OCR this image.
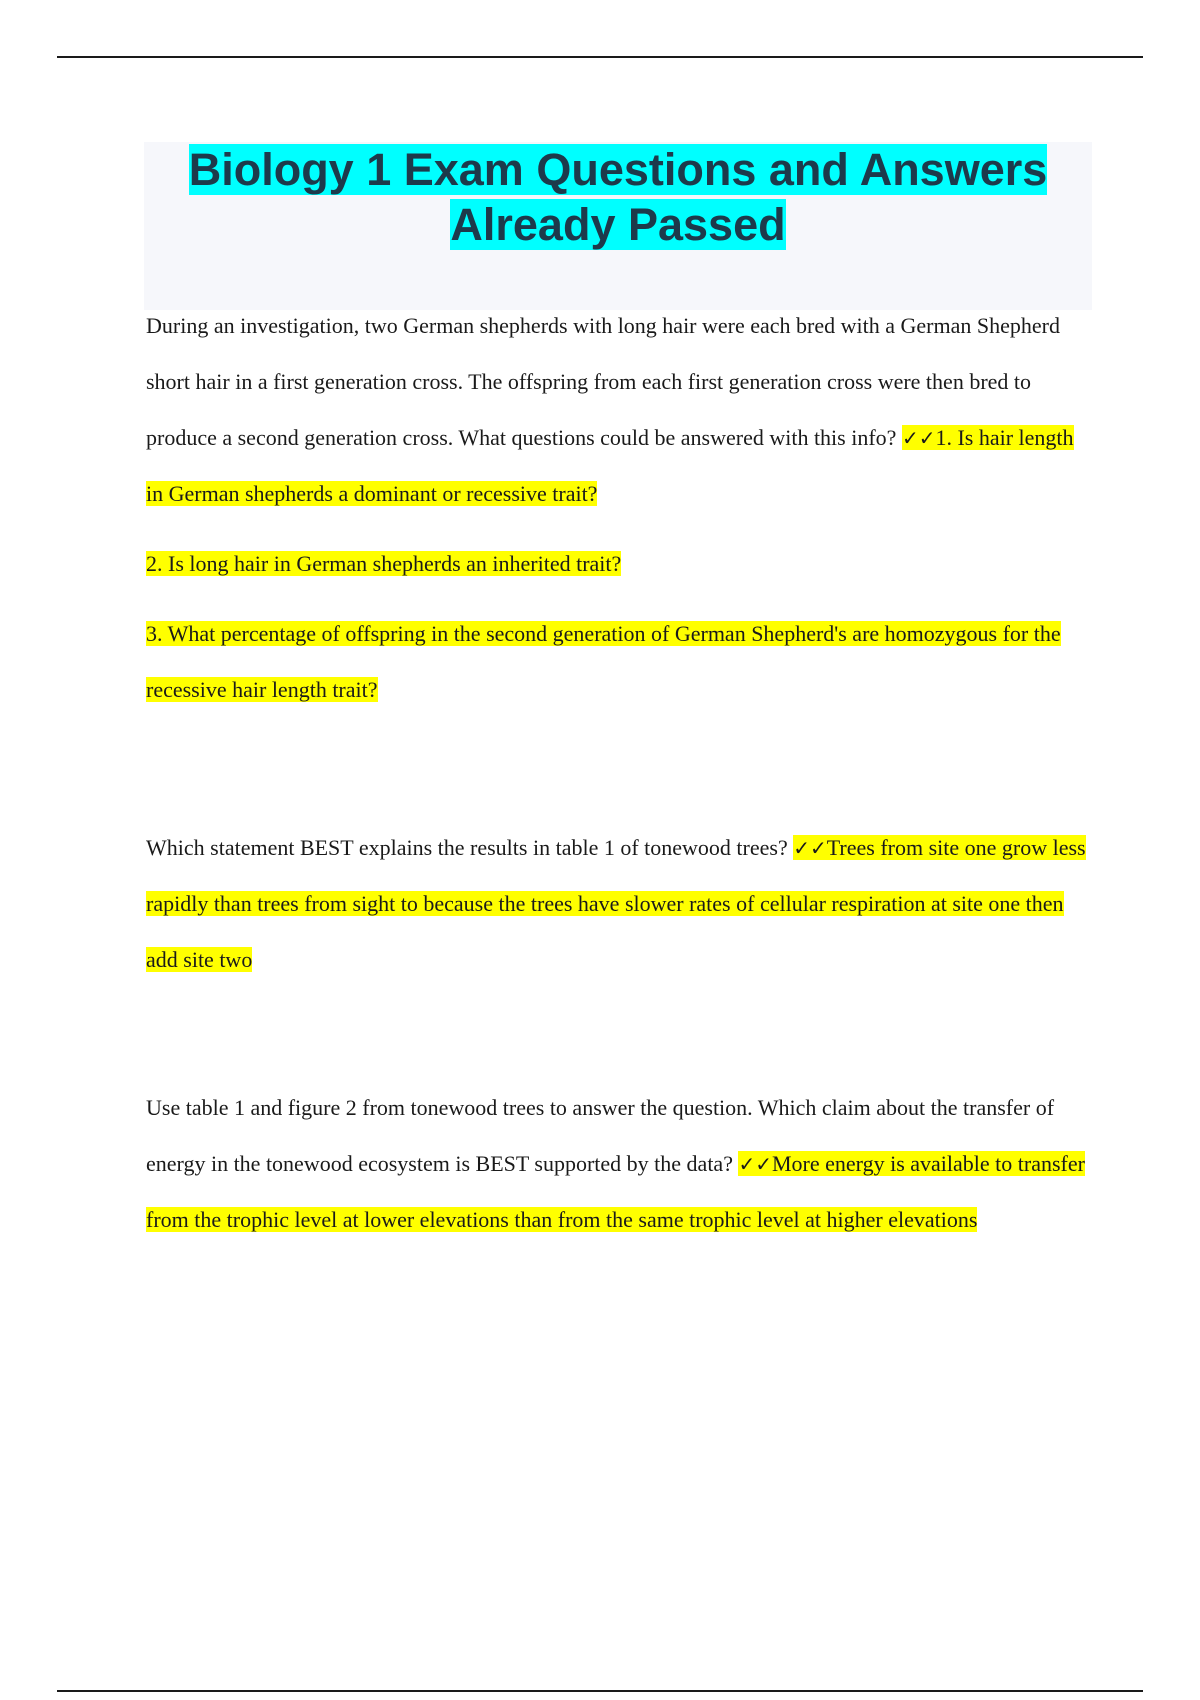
Biology 1 Exam Questions and Answers
Already Passed

During an investigation, two German shepherds with long hair were each bred with a German Shepherd short hair in a first generation cross. The offspring from each first generation cross were then bred to produce a second generation cross. What questions could be answered with this info? ✓✓1. Is hair length in German shepherds a dominant or recessive trait?

2. Is long hair in German shepherds an inherited trait?

3. What percentage of offspring in the second generation of German Shepherd's are homozygous for the recessive hair length trait?

Which statement BEST explains the results in table 1 of tonewood trees? ✓✓Trees from site one grow less rapidly than trees from sight to because the trees have slower rates of cellular respiration at site one then add site two

Use table 1 and figure 2 from tonewood trees to answer the question. Which claim about the transfer of energy in the tonewood ecosystem is BEST supported by the data? ✓✓More energy is available to transfer from the trophic level at lower elevations than from the same trophic level at higher elevations
